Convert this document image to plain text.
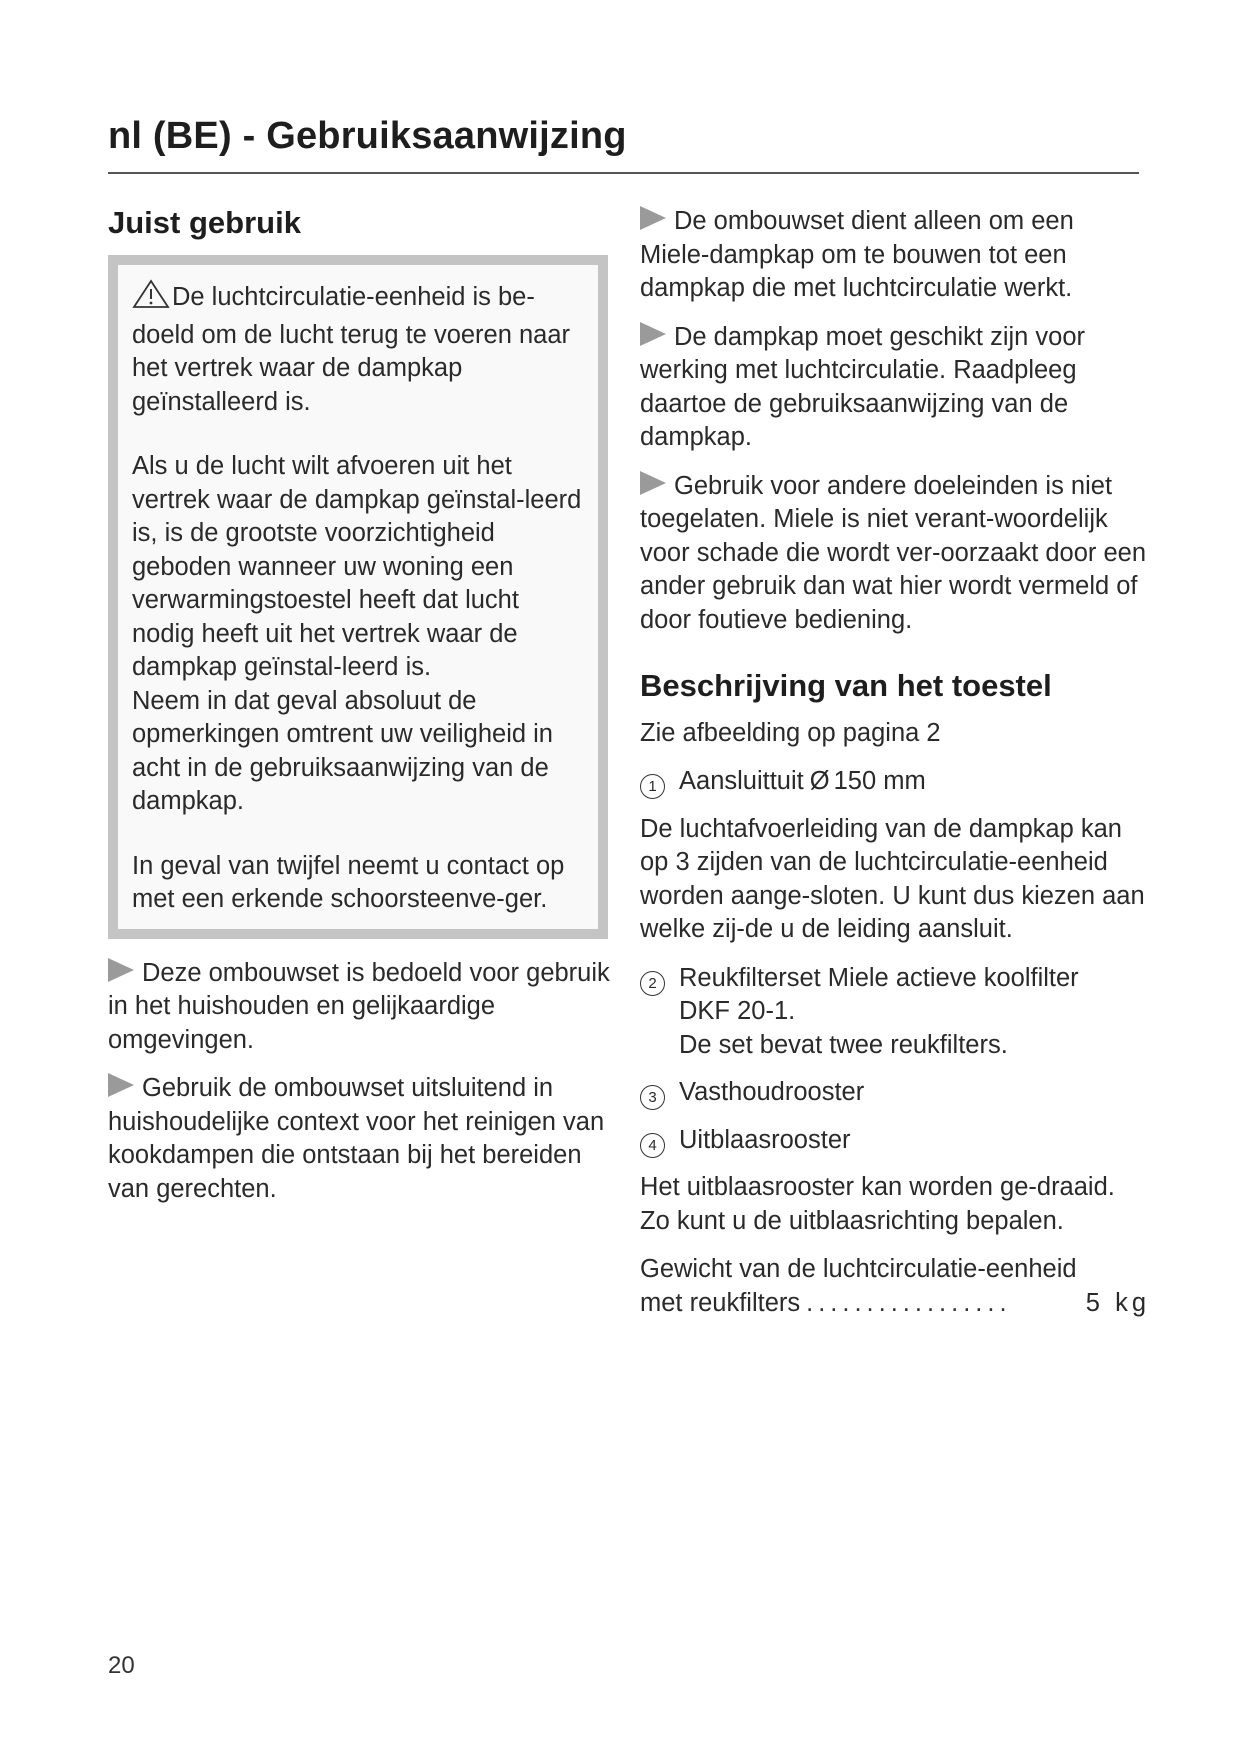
nl (BE) - Gebruiksaanwijzing
Juist gebruik

De luchtcirculatie-eenheid is be-doeld om de lucht terug te voeren naar het vertrek waar de dampkap geïnstalleerd is.

Als u de lucht wilt afvoeren uit het vertrek waar de dampkap geïnstal-leerd is, is de grootste voorzichtigheid geboden wanneer uw woning een verwarmingstoestel heeft dat lucht nodig heeft uit het vertrek waar de dampkap geïnstal-leerd is.

Neem in dat geval absoluut de opmerkingen omtrent uw veiligheid in acht in de gebruiksaanwijzing van de dampkap.

In geval van twijfel neemt u contact op met een erkende schoorsteenve-ger.

Deze ombouwset is bedoeld voor gebruik in het huishouden en gelijkaardige omgevingen.

Gebruik de ombouwset uitsluitend in huishoudelijke context voor het reinigen van kookdampen die ontstaan bij het bereiden van gerechten.

De ombouwset dient alleen om een Miele-dampkap om te bouwen tot een dampkap die met luchtcirculatie werkt.

De dampkap moet geschikt zijn voor werking met luchtcirculatie. Raadpleeg daartoe de gebruiksaanwijzing van de dampkap.

Gebruik voor andere doeleinden is niet toegelaten. Miele is niet verant-woordelijk voor schade die wordt ver-oorzaakt door een ander gebruik dan wat hier wordt vermeld of door foutieve bediening.

Beschrijving van het toestel

Zie afbeelding op pagina 2

1 Aansluittuit Ø 150 mm

De luchtafvoerleiding van de dampkap kan op 3 zijden van de luchtcirculatie-eenheid worden aange-sloten. U kunt dus kiezen aan welke zij-de u de leiding aansluit.

2 Reukfilterset Miele actieve koolfilter
DKF 20-1.
De set bevat twee reukfilters.
3 Vasthoudrooster
4 Uitblaasrooster

Het uitblaasrooster kan worden ge-draaid. Zo kunt u de uitblaasrichting bepalen.

Gewicht van de luchtcirculatie-eenheid
met reukfilters .................	5 kg
20
